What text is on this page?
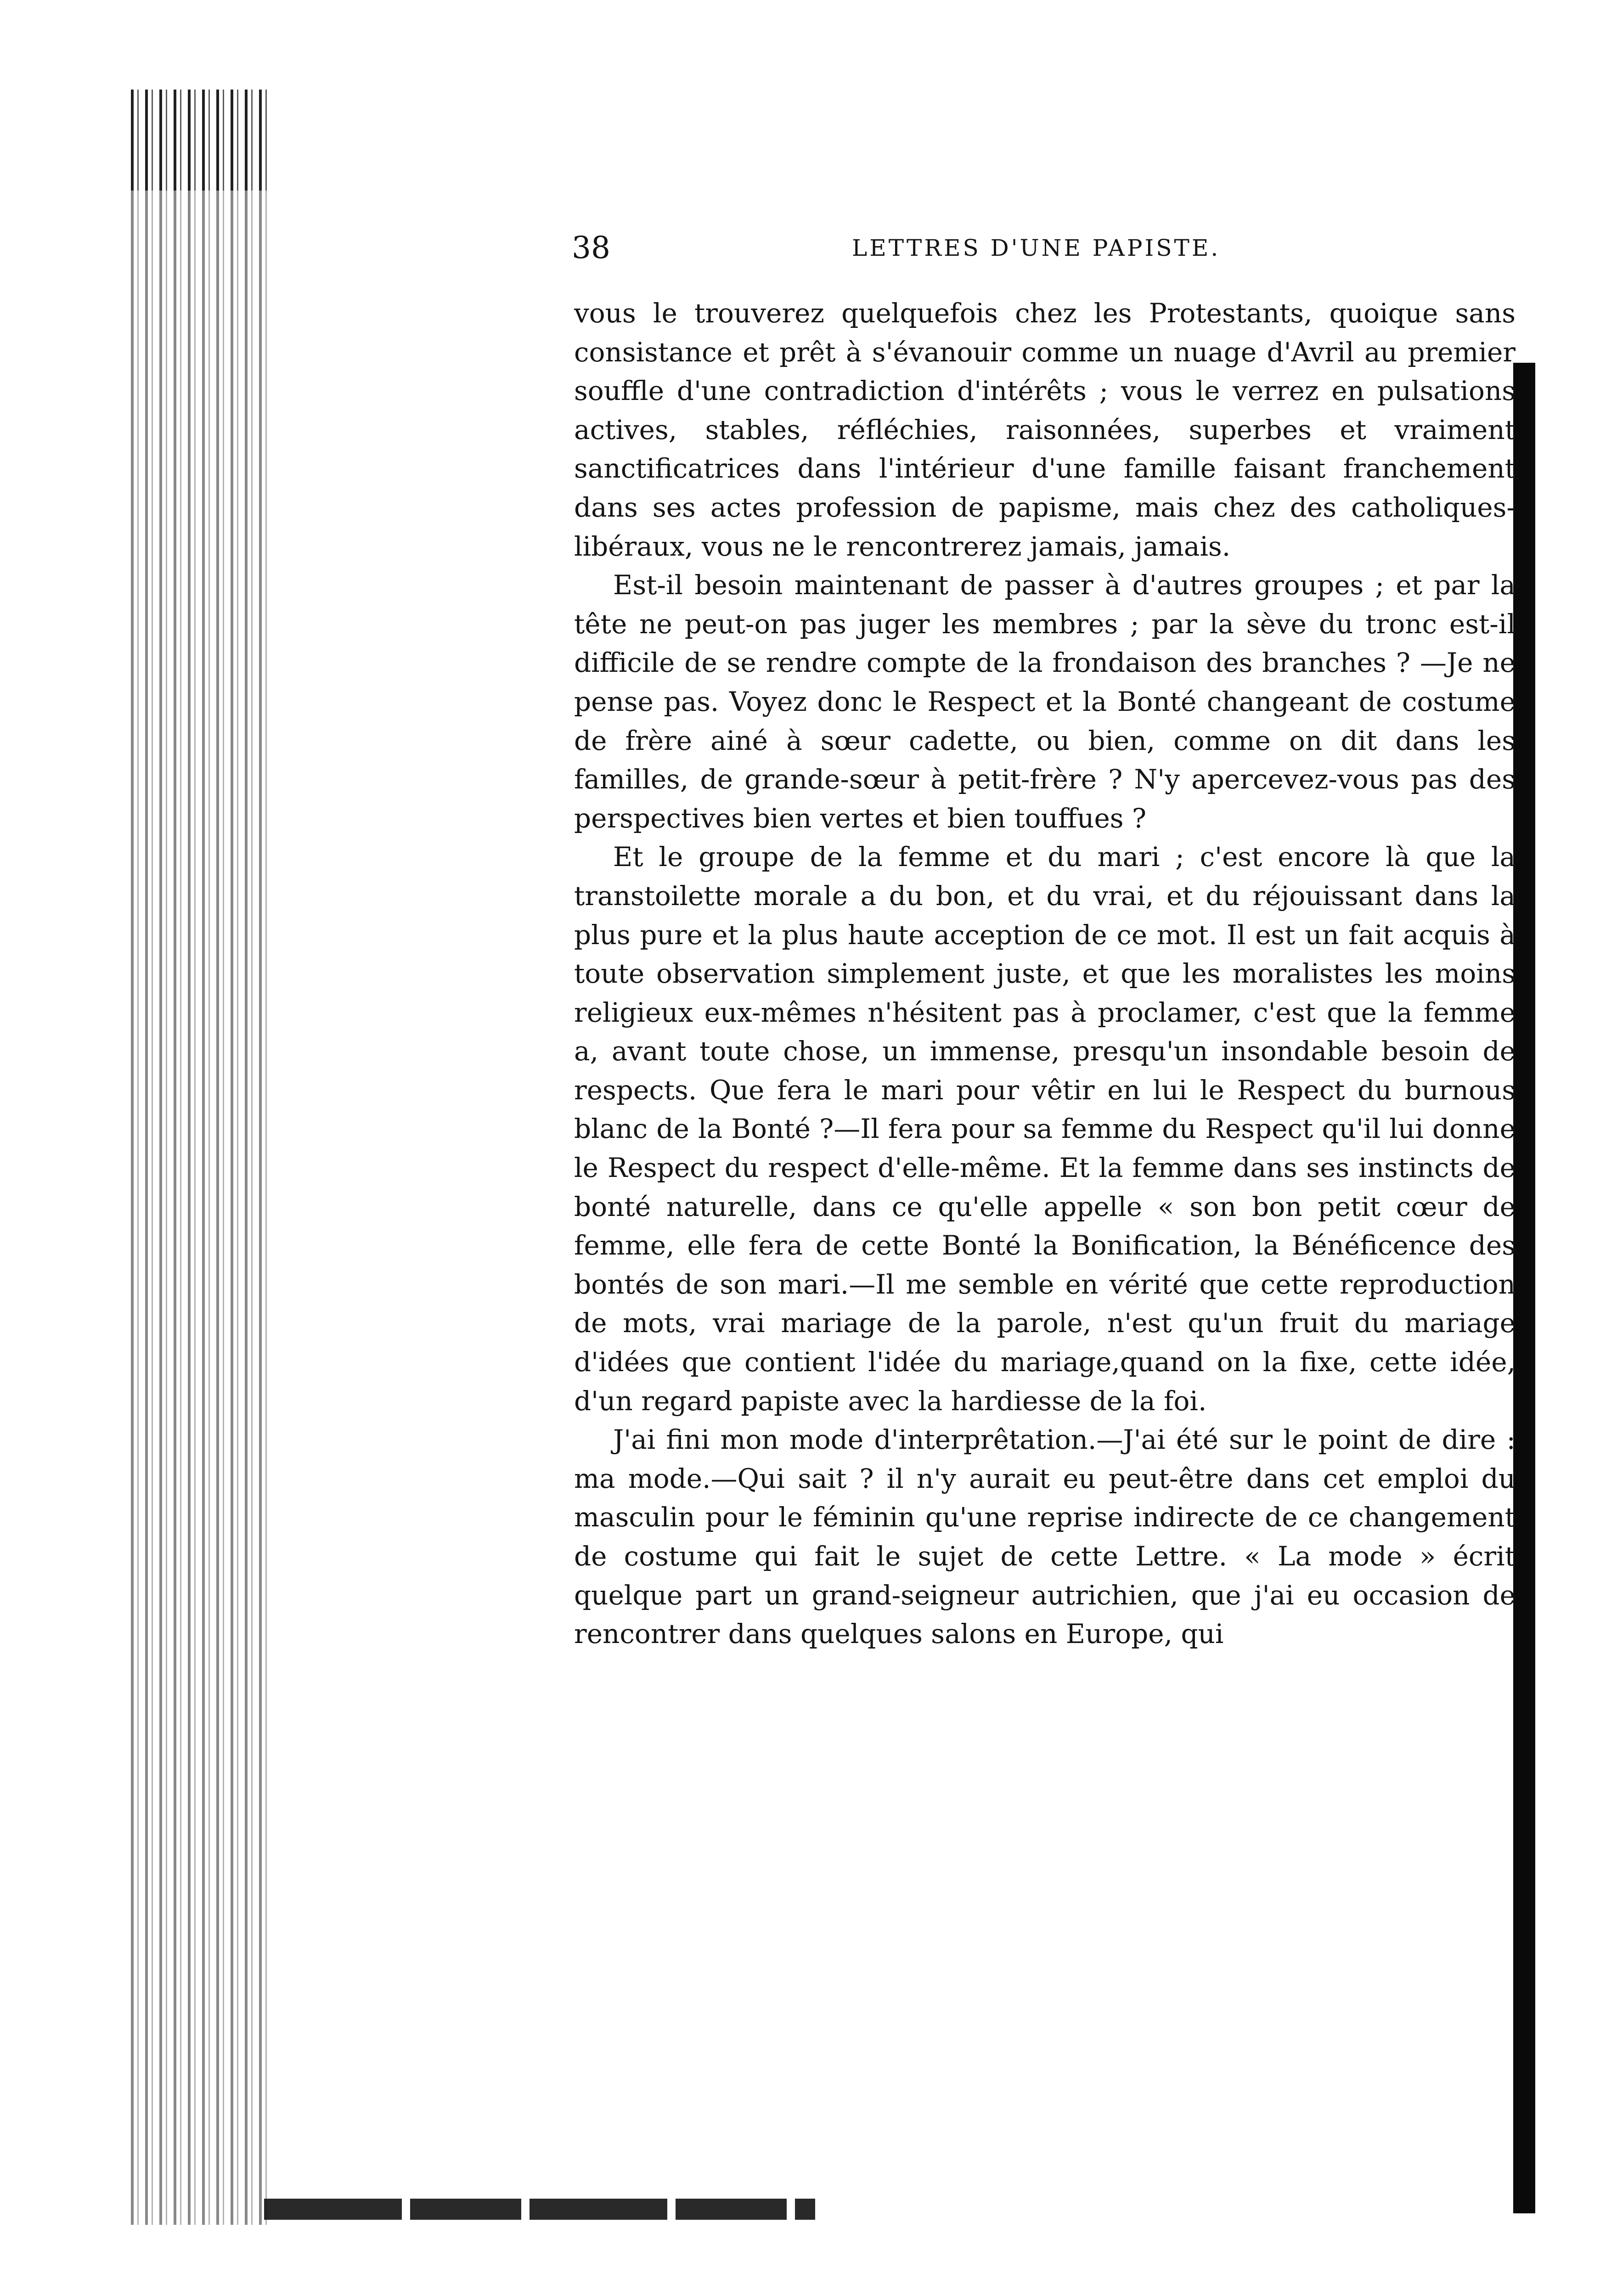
38	LETTRES D'UNE PAPISTE.

vous le trouverez quelquefois chez les Protestants, quoique sans consistance et prêt à s'évanouir comme un nuage d'Avril au premier souffle d'une contradiction d'intérêts ; vous le verrez en pulsations actives, stables, réfléchies, raisonnées, superbes et vraiment sanctificatrices dans l'intérieur d'une famille faisant franchement dans ses actes profession de papisme, mais chez des catholiques-libéraux, vous ne le rencontrerez jamais, jamais.

Est-il besoin maintenant de passer à d'autres groupes ; et par la tête ne peut-on pas juger les membres ; par la sève du tronc est-il difficile de se rendre compte de la frondaison des branches ? —Je ne pense pas. Voyez donc le Respect et la Bonté changeant de costume de frère ainé à sœur cadette, ou bien, comme on dit dans les familles, de grande-sœur à petit-frère ? N'y apercevez-vous pas des perspectives bien vertes et bien touffues ?

Et le groupe de la femme et du mari ; c'est encore là que la transtoilette morale a du bon, et du vrai, et du réjouissant dans la plus pure et la plus haute acception de ce mot. Il est un fait acquis à toute observation simplement juste, et que les moralistes les moins religieux eux-mêmes n'hésitent pas à proclamer, c'est que la femme a, avant toute chose, un immense, presqu'un insondable besoin de respects. Que fera le mari pour vêtir en lui le Respect du burnous blanc de la Bonté ?—Il fera pour sa femme du Respect qu'il lui donne le Respect du respect d'elle-même. Et la femme dans ses instincts de bonté naturelle, dans ce qu'elle appelle « son bon petit cœur de femme, elle fera de cette Bonté la Bonification, la Bénéficence des bontés de son mari.—Il me semble en vérité que cette reproduction de mots, vrai mariage de la parole, n'est qu'un fruit du mariage d'idées que contient l'idée du mariage,quand on la fixe, cette idée, d'un regard papiste avec la hardiesse de la foi.

J'ai fini mon mode d'interprêtation.—J'ai été sur le point de dire : ma mode.—Qui sait ? il n'y aurait eu peut-être dans cet emploi du masculin pour le féminin qu'une reprise indirecte de ce changement de costume qui fait le sujet de cette Lettre. « La mode » écrit quelque part un grand-seigneur autrichien, que j'ai eu occasion de rencontrer dans quelques salons en Europe, qui
